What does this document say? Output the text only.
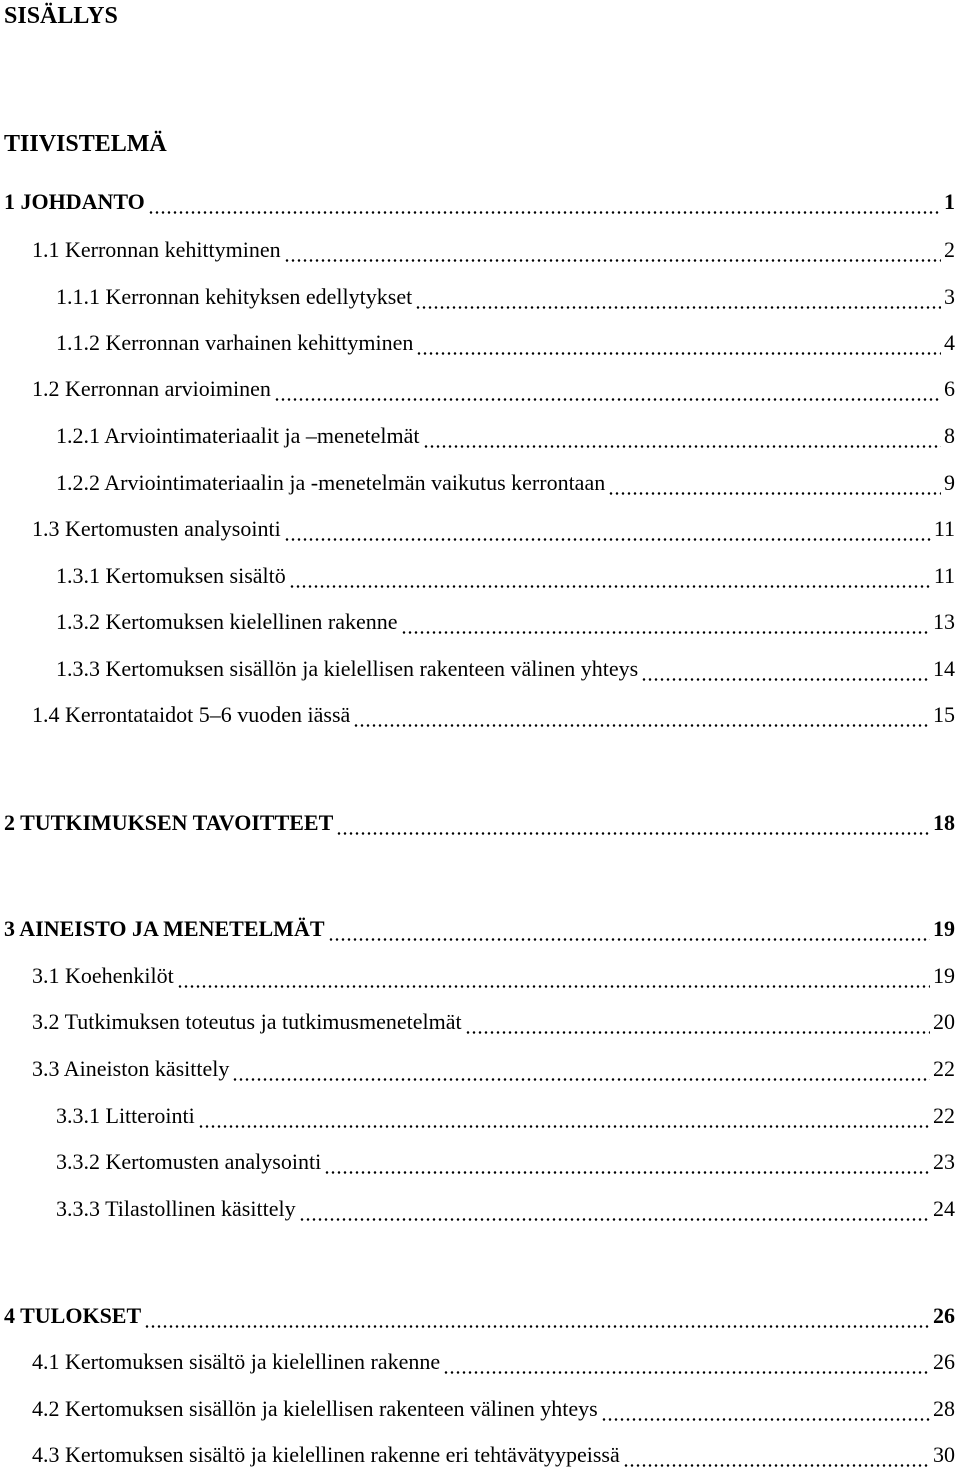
SISÄLLYS
TIIVISTELMÄ
1 JOHDANTO	1
1.1 Kerronnan kehittyminen	2
1.1.1 Kerronnan kehityksen edellytykset	3
1.1.2 Kerronnan varhainen kehittyminen	4
1.2 Kerronnan arvioiminen	6
1.2.1 Arviointimateriaalit ja –menetelmät	8
1.2.2 Arviointimateriaalin ja -menetelmän vaikutus kerrontaan	9
1.3 Kertomusten analysointi	11
1.3.1 Kertomuksen sisältö	11
1.3.2 Kertomuksen kielellinen rakenne	13
1.3.3 Kertomuksen sisällön ja kielellisen rakenteen välinen yhteys	14
1.4 Kerrontataidot 5–6 vuoden iässä	15
2 TUTKIMUKSEN TAVOITTEET	18
3 AINEISTO JA MENETELMÄT	19
3.1 Koehenkilöt	19
3.2 Tutkimuksen toteutus ja tutkimusmenetelmät	20
3.3 Aineiston käsittely	22
3.3.1 Litterointi	22
3.3.2 Kertomusten analysointi	23
3.3.3 Tilastollinen käsittely	24
4 TULOKSET	26
4.1 Kertomuksen sisältö ja kielellinen rakenne	26
4.2 Kertomuksen sisällön ja kielellisen rakenteen välinen yhteys	28
4.3 Kertomuksen sisältö ja kielellinen rakenne eri tehtävätyypeissä	30
